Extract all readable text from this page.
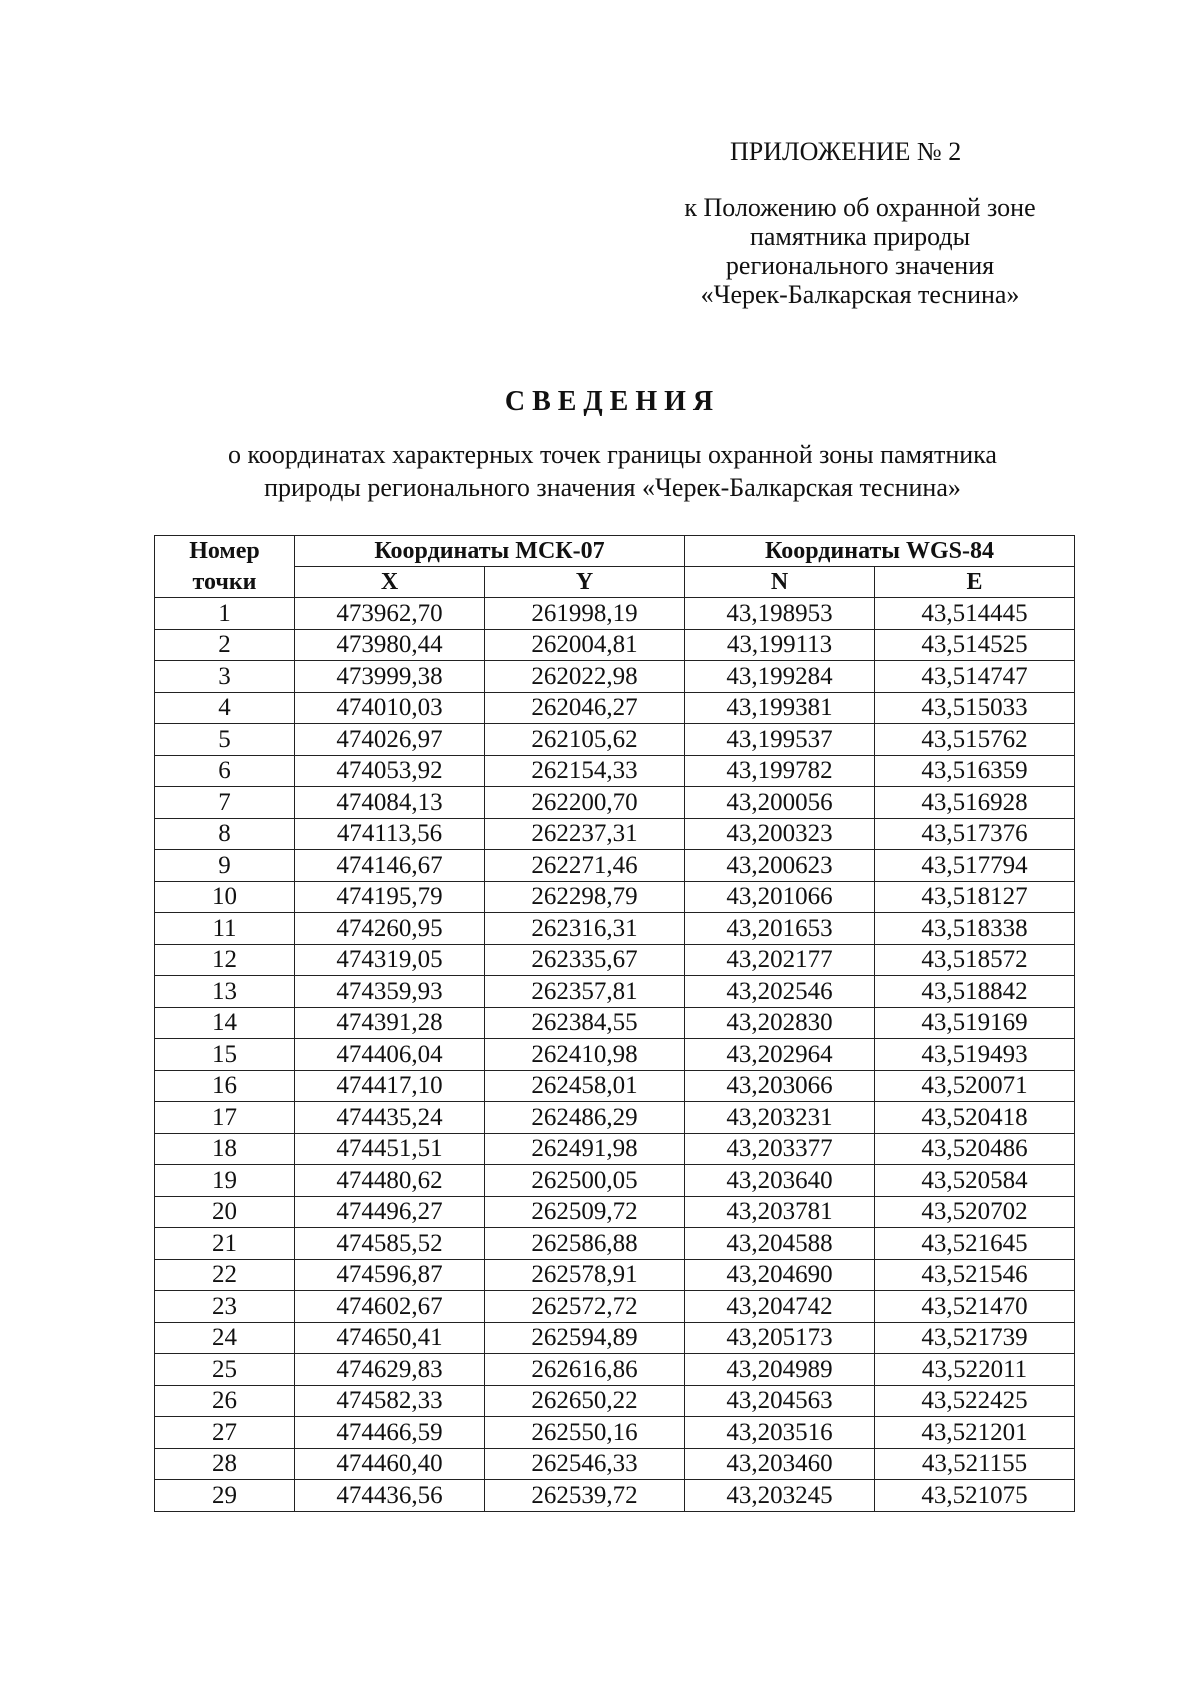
ПРИЛОЖЕНИЕ № 2
к Положению об охранной зоне
памятника природы
регионального значения
«Черек-Балкарская теснина»
СВЕДЕНИЯ
о координатах характерных точек границы охранной зоны памятника
природы регионального значения «Черек-Балкарская теснина»
Номер	Координаты МСК-07		Координаты WGS-84	
точки	X	Y	N	E
1	473962,70	261998,19	43,198953	43,514445
2	473980,44	262004,81	43,199113	43,514525
3	473999,38	262022,98	43,199284	43,514747
4	474010,03	262046,27	43,199381	43,515033
5	474026,97	262105,62	43,199537	43,515762
6	474053,92	262154,33	43,199782	43,516359
7	474084,13	262200,70	43,200056	43,516928
8	474113,56	262237,31	43,200323	43,517376
9	474146,67	262271,46	43,200623	43,517794
10	474195,79	262298,79	43,201066	43,518127
11	474260,95	262316,31	43,201653	43,518338
12	474319,05	262335,67	43,202177	43,518572
13	474359,93	262357,81	43,202546	43,518842
14	474391,28	262384,55	43,202830	43,519169
15	474406,04	262410,98	43,202964	43,519493
16	474417,10	262458,01	43,203066	43,520071
17	474435,24	262486,29	43,203231	43,520418
18	474451,51	262491,98	43,203377	43,520486
19	474480,62	262500,05	43,203640	43,520584
20	474496,27	262509,72	43,203781	43,520702
21	474585,52	262586,88	43,204588	43,521645
22	474596,87	262578,91	43,204690	43,521546
23	474602,67	262572,72	43,204742	43,521470
24	474650,41	262594,89	43,205173	43,521739
25	474629,83	262616,86	43,204989	43,522011
26	474582,33	262650,22	43,204563	43,522425
27	474466,59	262550,16	43,203516	43,521201
28	474460,40	262546,33	43,203460	43,521155
29	474436,56	262539,72	43,203245	43,521075
